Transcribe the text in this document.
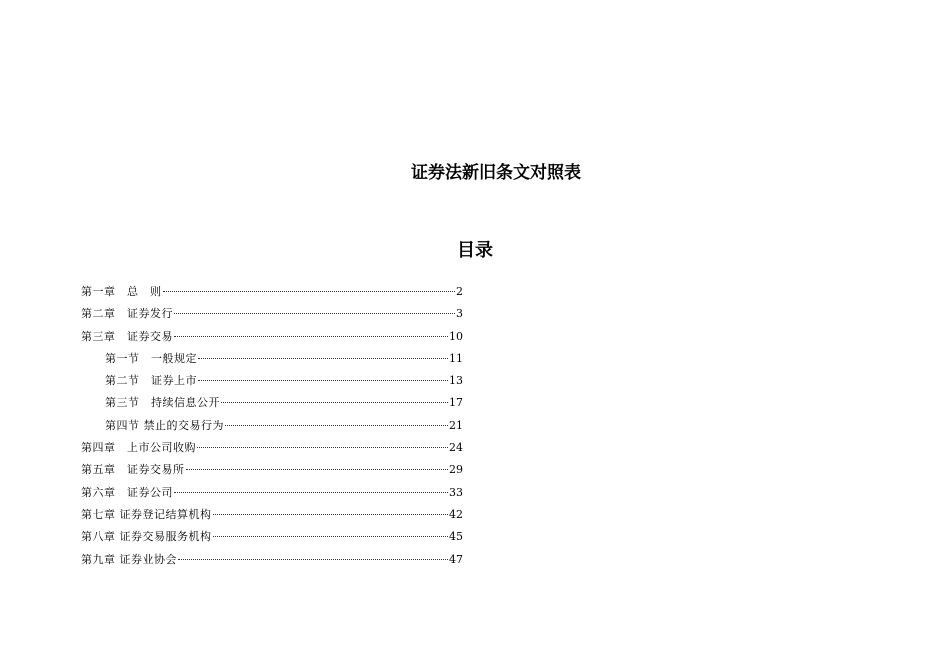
证券法新旧条文对照表
目录
第一章　总　则	2
第二章　证券发行	3
第三章　证券交易	10
第一节　一般规定	11
第二节　证券上市	13
第三节　持续信息公开	17
第四节 禁止的交易行为	21
第四章　上市公司收购	24
第五章　证券交易所	29
第六章　证券公司	33
第七章 证券登记结算机构	42
第八章 证券交易服务机构	45
第九章 证券业协会	47
